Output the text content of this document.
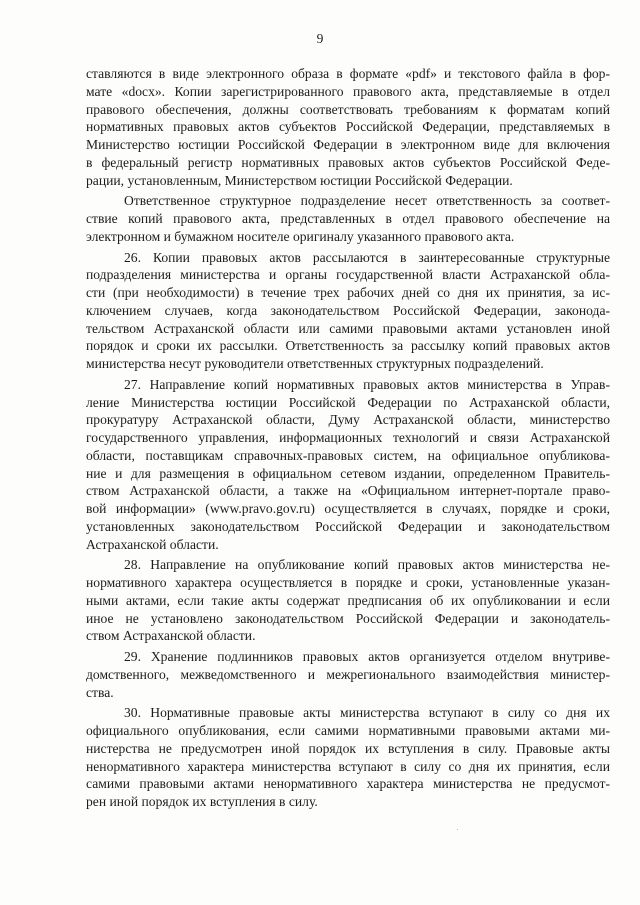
9

ставляются в виде электронного образа в формате «pdf» и текстового файла в фор-
мате «docx». Копии зарегистрированного правового акта, представляемые в отдел
правового обеспечения, должны соответствовать требованиям к форматам копий
нормативных правовых актов субъектов Российской Федерации, представляемых в
Министерство юстиции Российской Федерации в электронном виде для включения
в федеральный регистр нормативных правовых актов субъектов Российской Феде-
рации, установленным, Министерством юстиции Российской Федерации.

Ответственное структурное подразделение несет ответственность за соответ-
ствие копий правового акта, представленных в отдел правового обеспечение на
электронном и бумажном носителе оригиналу указанного правового акта.

26. Копии правовых актов рассылаются в заинтересованные структурные
подразделения министерства и органы государственной власти Астраханской обла-
сти (при необходимости) в течение трех рабочих дней со дня их принятия, за ис-
ключением случаев, когда законодательством Российской Федерации, законода-
тельством Астраханской области или самими правовыми актами установлен иной
порядок и сроки их рассылки. Ответственность за рассылку копий правовых актов
министерства несут руководители ответственных структурных подразделений.

27. Направление копий нормативных правовых актов министерства в Управ-
ление Министерства юстиции Российской Федерации по Астраханской области,
прокуратуру Астраханской области, Думу Астраханской области, министерство
государственного управления, информационных технологий и связи Астраханской
области, поставщикам справочных-правовых систем, на официальное опубликова-
ние и для размещения в официальном сетевом издании, определенном Правитель-
ством Астраханской области, а также на «Официальном интернет-портале право-
вой информации» (www.pravo.gov.ru) осуществляется в случаях, порядке и сроки,
установленных законодательством Российской Федерации и законодательством
Астраханской области.

28. Направление на опубликование копий правовых актов министерства не-
нормативного характера осуществляется в порядке и сроки, установленные указан-
ными актами, если такие акты содержат предписания об их опубликовании и если
иное не установлено законодательством Российской Федерации и законодатель-
ством Астраханской области.

29. Хранение подлинников правовых актов организуется отделом внутриве-
домственного, межведомственного и межрегионального взаимодействия министер-
ства.

30. Нормативные правовые акты министерства вступают в силу со дня их
официального опубликования, если самими нормативными правовыми актами ми-
нистерства не предусмотрен иной порядок их вступления в силу. Правовые акты
ненормативного характера министерства вступают в силу со дня их принятия, если
самими правовыми актами ненормативного характера министерства не предусмот-
рен иной порядок их вступления в силу.
